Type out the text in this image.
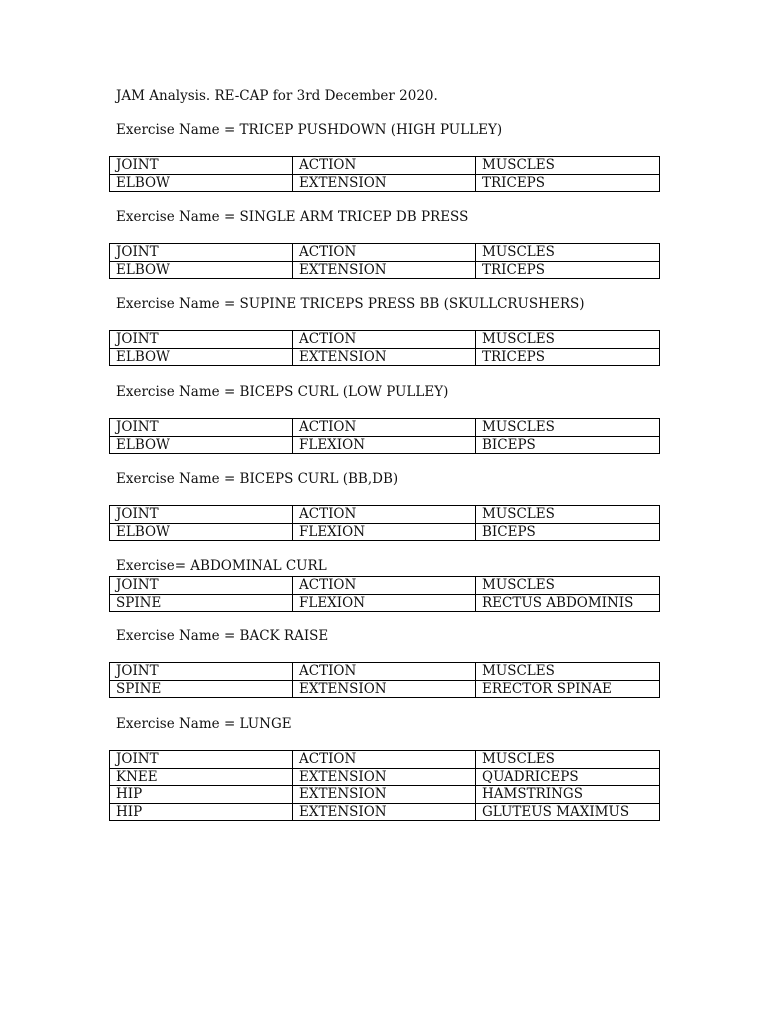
JAM Analysis. RE-CAP for 3rd December 2020.

Exercise Name = TRICEP PUSHDOWN (HIGH PULLEY)

JOINT	ACTION	MUSCLES
ELBOW	EXTENSION	TRICEPS

Exercise Name = SINGLE ARM TRICEP DB PRESS

JOINT	ACTION	MUSCLES
ELBOW	EXTENSION	TRICEPS

Exercise Name = SUPINE TRICEPS PRESS BB (SKULLCRUSHERS)

JOINT	ACTION	MUSCLES
ELBOW	EXTENSION	TRICEPS

Exercise Name = BICEPS CURL (LOW PULLEY)

JOINT	ACTION	MUSCLES
ELBOW	FLEXION	BICEPS

Exercise Name = BICEPS CURL (BB,DB)

JOINT	ACTION	MUSCLES
ELBOW	FLEXION	BICEPS

Exercise= ABDOMINAL CURL

JOINT	ACTION	MUSCLES
SPINE	FLEXION	RECTUS ABDOMINIS

Exercise Name = BACK RAISE

JOINT	ACTION	MUSCLES
SPINE	EXTENSION	ERECTOR SPINAE

Exercise Name = LUNGE

JOINT	ACTION	MUSCLES
KNEE	EXTENSION	QUADRICEPS
HIP	EXTENSION	HAMSTRINGS
HIP	EXTENSION	GLUTEUS MAXIMUS
